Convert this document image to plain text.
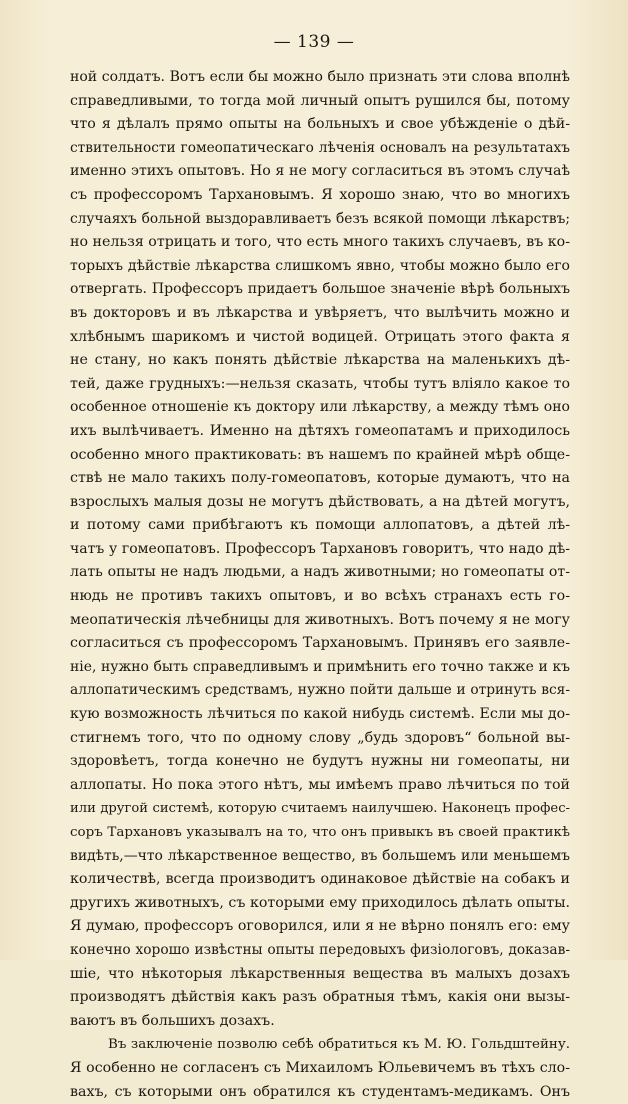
— 139 —
ной солдатъ. Вотъ если бы можно было признать эти слова вполнѣ
справедливыми, то тогда мой личный опытъ рушился бы, потому
что я дѣлалъ прямо опыты на больныхъ и свое убѣжденіе о дѣй-
ствительности гомеопатическаго лѣченія основалъ на результатахъ
именно этихъ опытовъ. Но я не могу согласиться въ этомъ случаѣ
съ профессоромъ Тархановымъ. Я хорошо знаю, что во многихъ
случаяхъ больной выздоравливаетъ безъ всякой помощи лѣкарствъ;
но нельзя отрицать и того, что есть много такихъ случаевъ, въ ко-
торыхъ дѣйствіе лѣкарства слишкомъ явно, чтобы можно было его
отвергать. Профессоръ придаетъ большое значеніе вѣрѣ больныхъ
въ докторовъ и въ лѣкарства и увѣряетъ, что вылѣчить можно и
хлѣбнымъ шарикомъ и чистой водицей. Отрицать этого факта я
не стану, но какъ понять дѣйствіе лѣкарства на маленькихъ дѣ-
тей, даже грудныхъ:—нельзя сказать, чтобы тутъ вліяло какое то
особенное отношеніе къ доктору или лѣкарству, а между тѣмъ оно
ихъ вылѣчиваетъ. Именно на дѣтяхъ гомеопатамъ и приходилось
особенно много практиковать: въ нашемъ по крайней мѣрѣ обще-
ствѣ не мало такихъ полу-гомеопатовъ, которые думаютъ, что на
взрослыхъ малыя дозы не могутъ дѣйствовать, а на дѣтей могутъ,
и потому сами прибѣгаютъ къ помощи аллопатовъ, а дѣтей лѣ-
чатъ у гомеопатовъ. Профессоръ Тархановъ говоритъ, что надо дѣ-
лать опыты не надъ людьми, а надъ животными; но гомеопаты от-
нюдь не противъ такихъ опытовъ, и во всѣхъ странахъ есть го-
меопатическія лѣчебницы для животныхъ. Вотъ почему я не могу
согласиться съ профессоромъ Тархановымъ. Принявъ его заявле-
ніе, нужно быть справедливымъ и примѣнить его точно также и къ
аллопатическимъ средствамъ, нужно пойти дальше и отринуть вся-
кую возможность лѣчиться по какой нибудь системѣ. Если мы до-
стигнемъ того, что по одному слову „будь здоровъ“ больной вы-
здоровѣетъ, тогда конечно не будутъ нужны ни гомеопаты, ни
аллопаты. Но пока этого нѣтъ, мы имѣемъ право лѣчиться по той
или другой системѣ, которую считаемъ наилучшею. Наконецъ профес-
соръ Тархановъ указывалъ на то, что онъ привыкъ въ своей практикѣ
видѣть,—что лѣкарственное вещество, въ большемъ или меньшемъ
количествѣ, всегда производитъ одинаковое дѣйствіе на собакъ и
другихъ животныхъ, съ которыми ему приходилось дѣлать опыты.
Я думаю, профессоръ оговорился, или я не вѣрно понялъ его: ему
конечно хорошо извѣстны опыты передовыхъ физіологовъ, доказав-
шіе, что нѣкоторыя лѣкарственныя вещества въ малыхъ дозахъ
производятъ дѣйствія какъ разъ обратныя тѣмъ, какія они вызы-
ваютъ въ большихъ дозахъ.
Въ заключеніе позволю себѣ обратиться къ М. Ю. Гольдштейну.
Я особенно не согласенъ съ Михаиломъ Юльевичемъ въ тѣхъ сло-
вахъ, съ которыми онъ обратился къ студентамъ-медикамъ. Онъ
